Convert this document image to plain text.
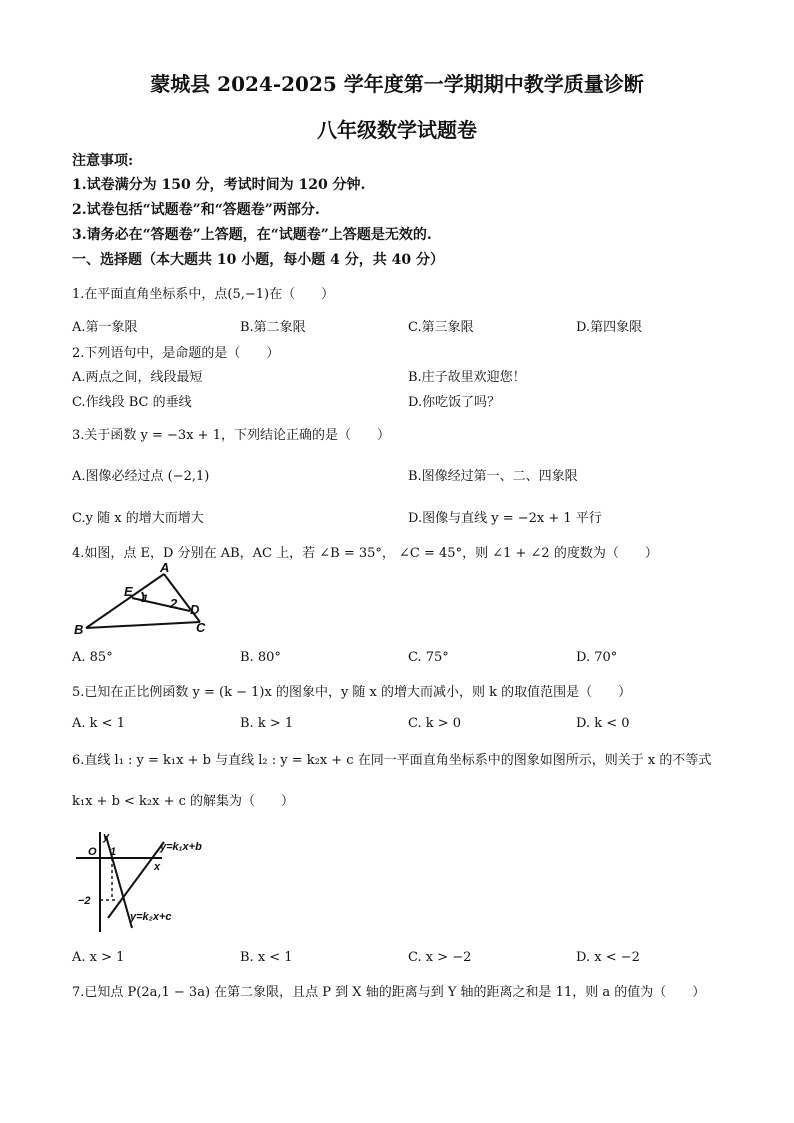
蒙城县 2024-2025 学年度第一学期期中教学质量诊断
八年级数学试题卷
注意事项:
1.试卷满分为 150 分，考试时间为 120 分钟.
2.试卷包括“试题卷”和“答题卷”两部分.
3.请务必在“答题卷”上答题，在“试题卷”上答题是无效的.
一、选择题（本大题共 10 小题，每小题 4 分，共 40 分）
1.在平面直角坐标系中，点(5,−1)在（　　）
A.第一象限	B.第二象限	C.第三象限	D.第四象限
2.下列语句中，是命题的是（　　）
A.两点之间，线段最短	B.庄子故里欢迎您！
C.作线段 BC 的垂线	D.你吃饭了吗？
3.关于函数 y = −3x + 1，下列结论正确的是（　　）
A.图像必经过点 (−2,1)	B.图像经过第一、二、四象限
C.y 随 x 的增大而增大	D.图像与直线 y = −2x + 1 平行
4.如图，点 E，D 分别在 AB，AC 上，若 ∠B = 35°， ∠C = 45°，则 ∠1 + ∠2 的度数为（　　）
A
E 1 2 D
B	C
A. 85°	B. 80°	C. 75°	D. 70°
5.已知在正比例函数 y = (k − 1)x 的图象中，y 随 x 的增大而减小，则 k 的取值范围是（　　）
A. k < 1	B. k > 1	C. k > 0	D. k < 0
6.直线 l₁ : y = k₁x + b 与直线 l₂ : y = k₂x + c 在同一平面直角坐标系中的图象如图所示，则关于 x 的不等式
k₁x + b < k₂x + c 的解集为（　　）
y
O 1
x
−2
y=k₁x+b
y=k₂x+c
A. x > 1	B. x < 1	C. x > −2	D. x < −2
7.已知点 P(2a,1 − 3a) 在第二象限，且点 P 到 X 轴的距离与到 Y 轴的距离之和是 11，则 a 的值为（　　）
